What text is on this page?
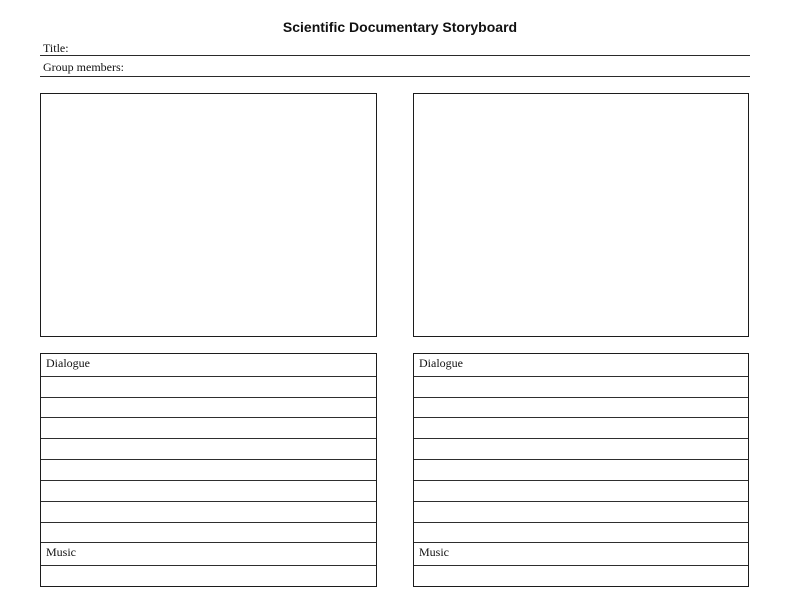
Scientific Documentary Storyboard
Title:
Group members:
Dialogue
Music
Dialogue
Music
